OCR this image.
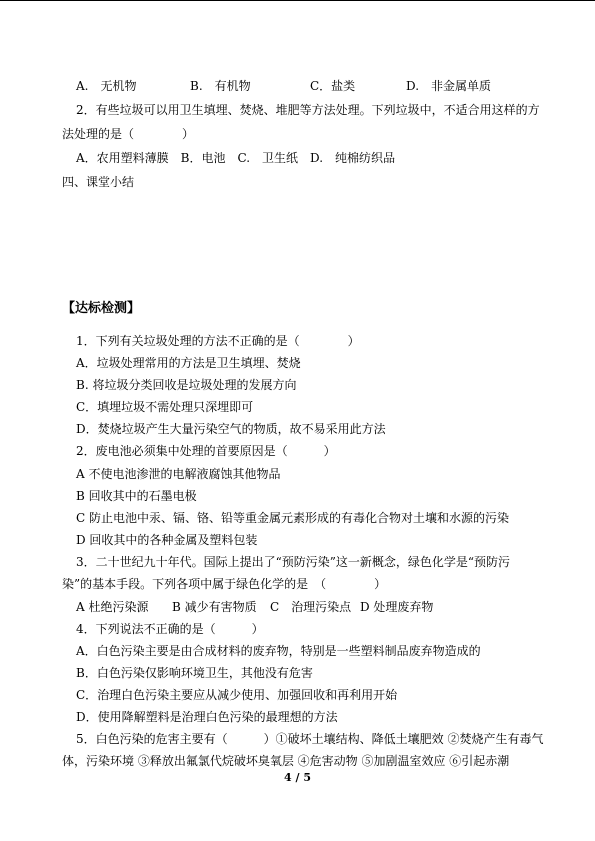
A.　无机物	B.　有机物	C．盐类	D.　非金属单质
2．有些垃圾可以用卫生填埋、焚烧、堆肥等方法处理。下列垃圾中，不适合用这样的方
法处理的是（　　　　）
A．农用塑料薄膜　B．电池　C.　卫生纸　D.　纯棉纺织品
四、课堂小结
【达标检测】
1．下列有关垃圾处理的方法不正确的是（　　　　）
A．垃圾处理常用的方法是卫生填埋、焚烧
B. 将垃圾分类回收是垃圾处理的发展方向
C．填埋垃圾不需处理只深埋即可
D．焚烧垃圾产生大量污染空气的物质，故不易采用此方法
2．废电池必须集中处理的首要原因是（　　　）
A 不使电池渗泄的电解液腐蚀其他物品
B 回收其中的石墨电极
C 防止电池中汞、镉、铬、铅等重金属元素形成的有毒化合物对土壤和水源的污染
D 回收其中的各种金属及塑料包装
3．二十世纪九十年代。国际上提出了“预防污染”这一新概念，绿色化学是“预防污
染”的基本手段。下列各项中属于绿色化学的是　（　　　　）
A 杜绝污染源 B 减少有害物质 C　治理污染点 D 处理废弃物
4．下列说法不正确的是（　　　）
A．白色污染主要是由合成材料的废弃物，特别是一些塑料制品废弃物造成的
B．白色污染仅影响环境卫生，其他没有危害
C．治理白色污染主要应从减少使用、加强回收和再利用开始
D．使用降解塑料是治理白色污染的最理想的方法
5．白色污染的危害主要有（　　　）①破坏土壤结构、降低土壤肥效 ②焚烧产生有毒气
体，污染环境 ③释放出氟氯代烷破坏臭氧层 ④危害动物 ⑤加剧温室效应 ⑥引起赤潮
4 / 5
